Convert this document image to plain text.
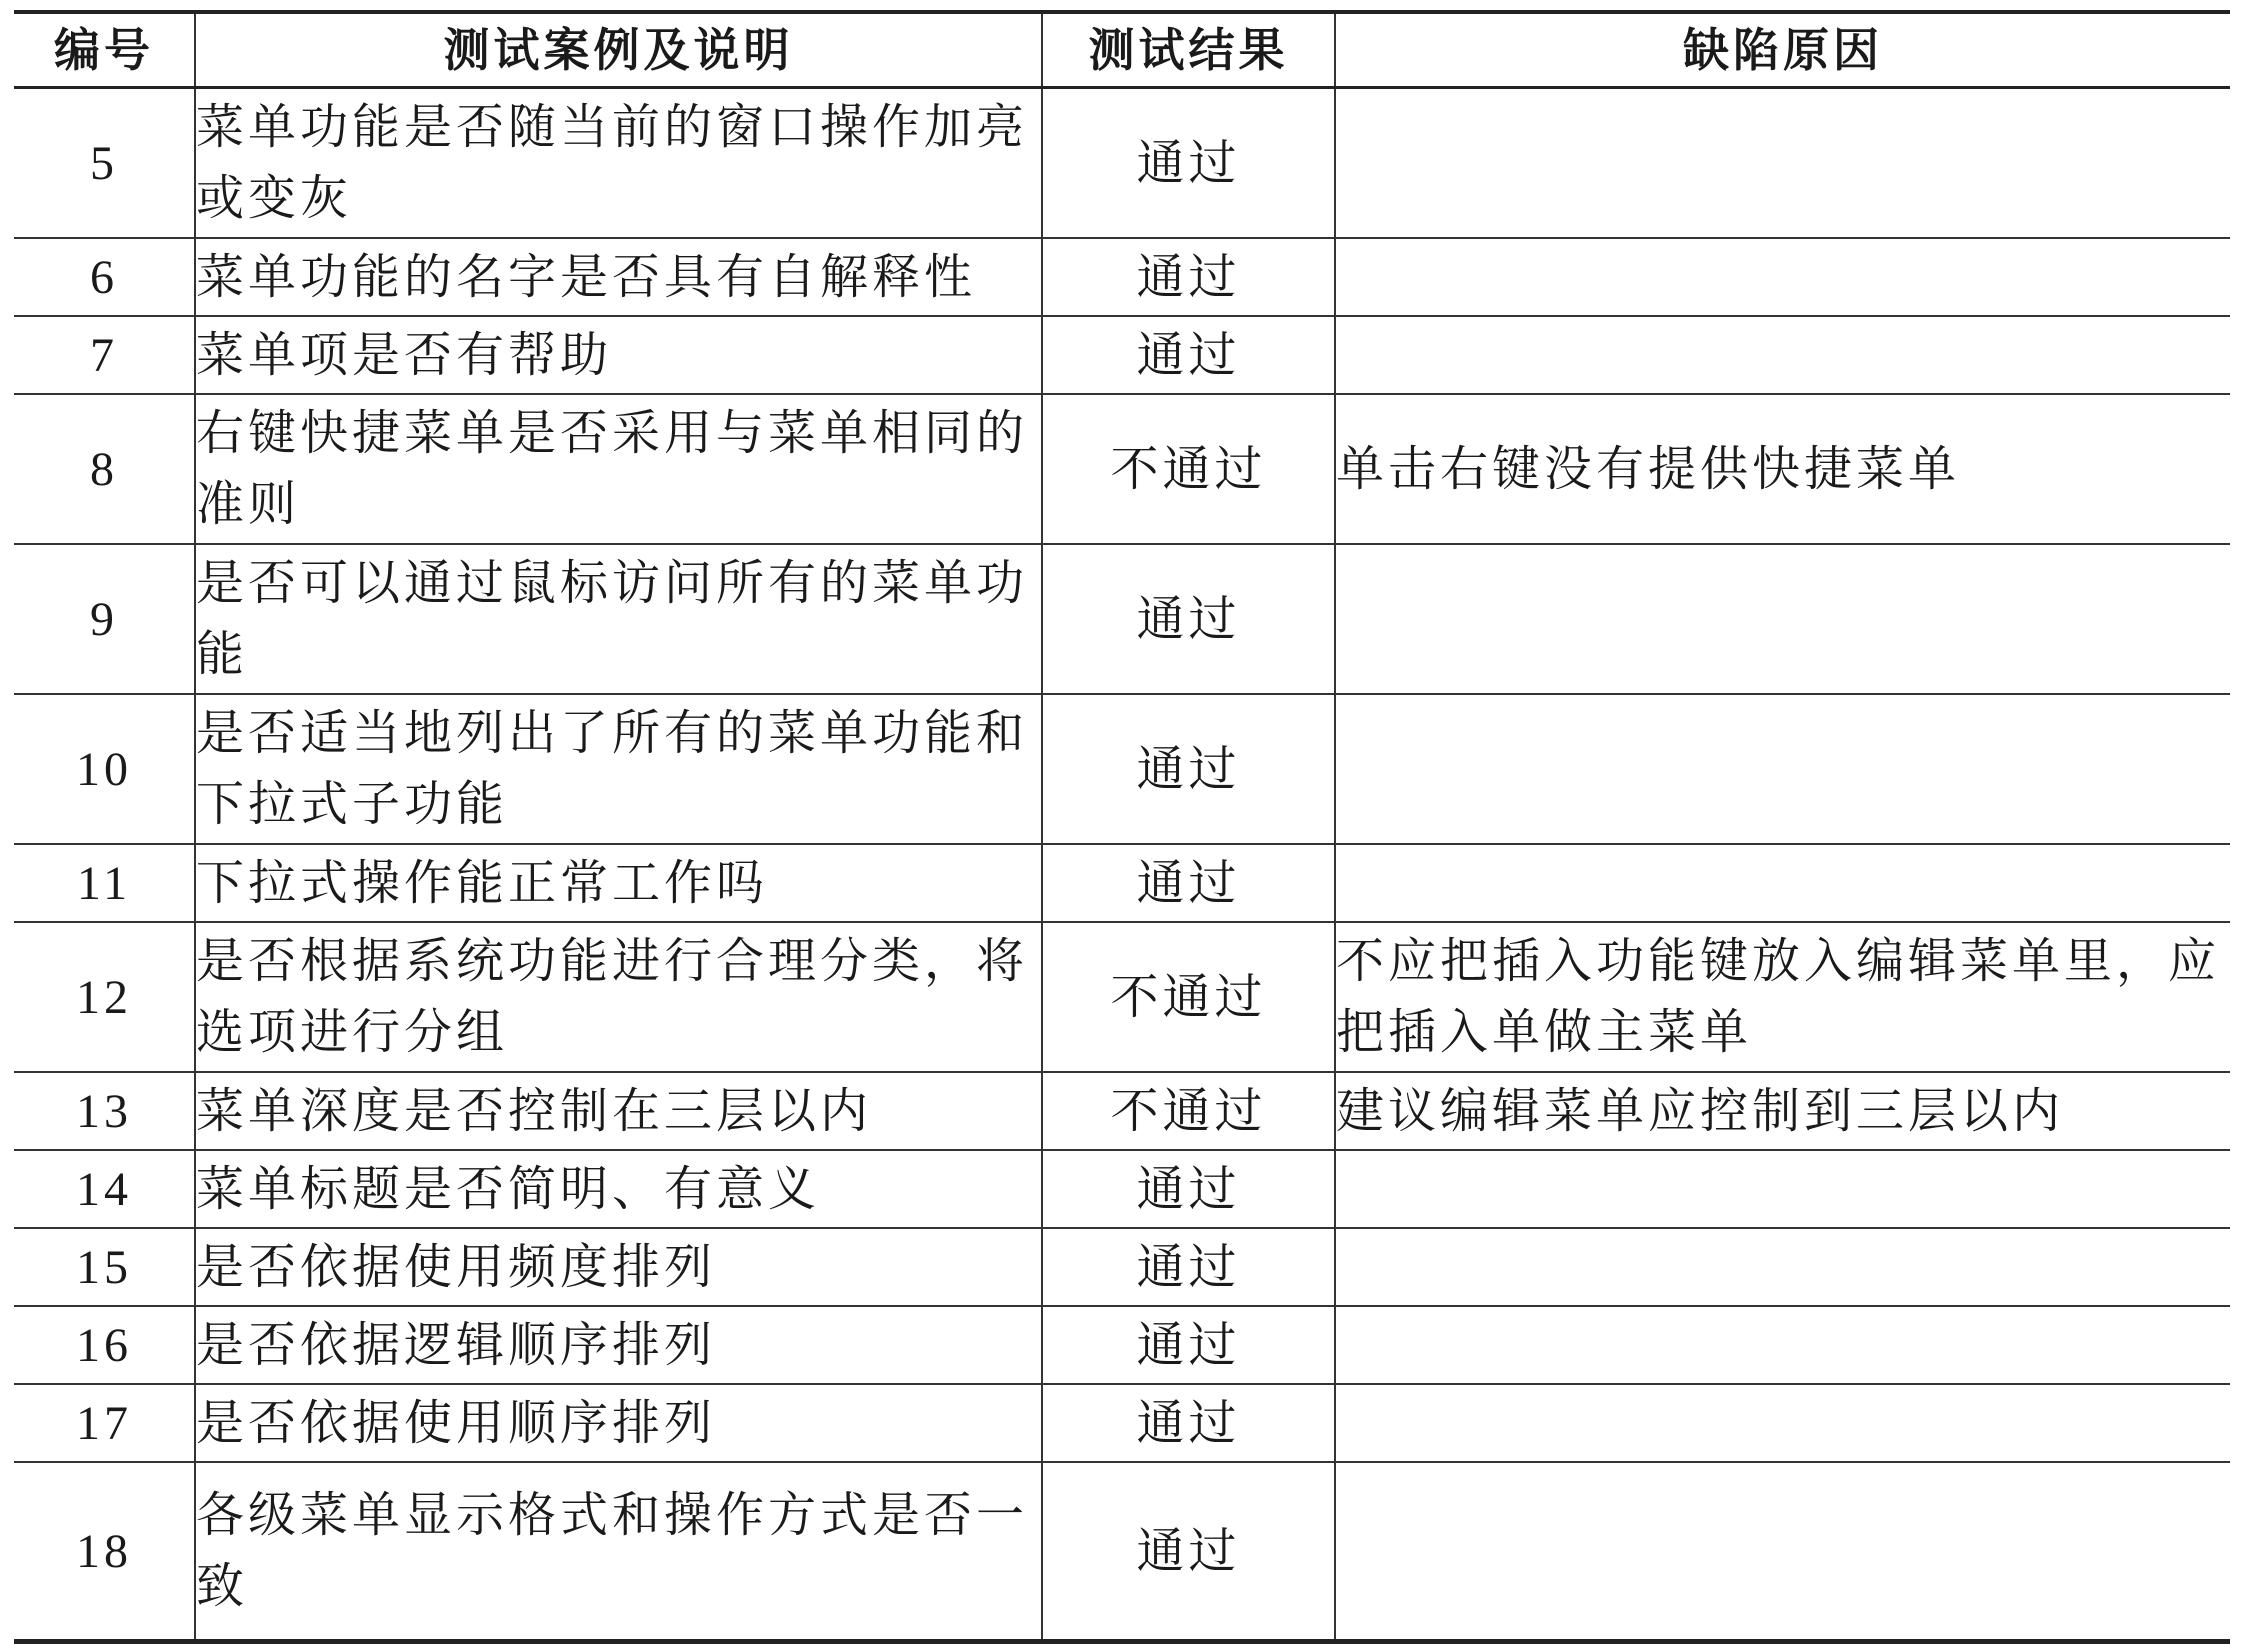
编号	测试案例及说明	测试结果	缺陷原因
5	菜单功能是否随当前的窗口操作加亮或变灰	通过	
6	菜单功能的名字是否具有自解释性	通过	
7	菜单项是否有帮助	通过	
8	右键快捷菜单是否采用与菜单相同的准则	不通过	单击右键没有提供快捷菜单
9	是否可以通过鼠标访问所有的菜单功能	通过	
10	是否适当地列出了所有的菜单功能和下拉式子功能	通过	
11	下拉式操作能正常工作吗	通过	
12	是否根据系统功能进行合理分类，将选项进行分组	不通过	不应把插入功能键放入编辑菜单里，应把插入单做主菜单
13	菜单深度是否控制在三层以内	不通过	建议编辑菜单应控制到三层以内
14	菜单标题是否简明、有意义	通过	
15	是否依据使用频度排列	通过	
16	是否依据逻辑顺序排列	通过	
17	是否依据使用顺序排列	通过	
18	各级菜单显示格式和操作方式是否一致	通过	
